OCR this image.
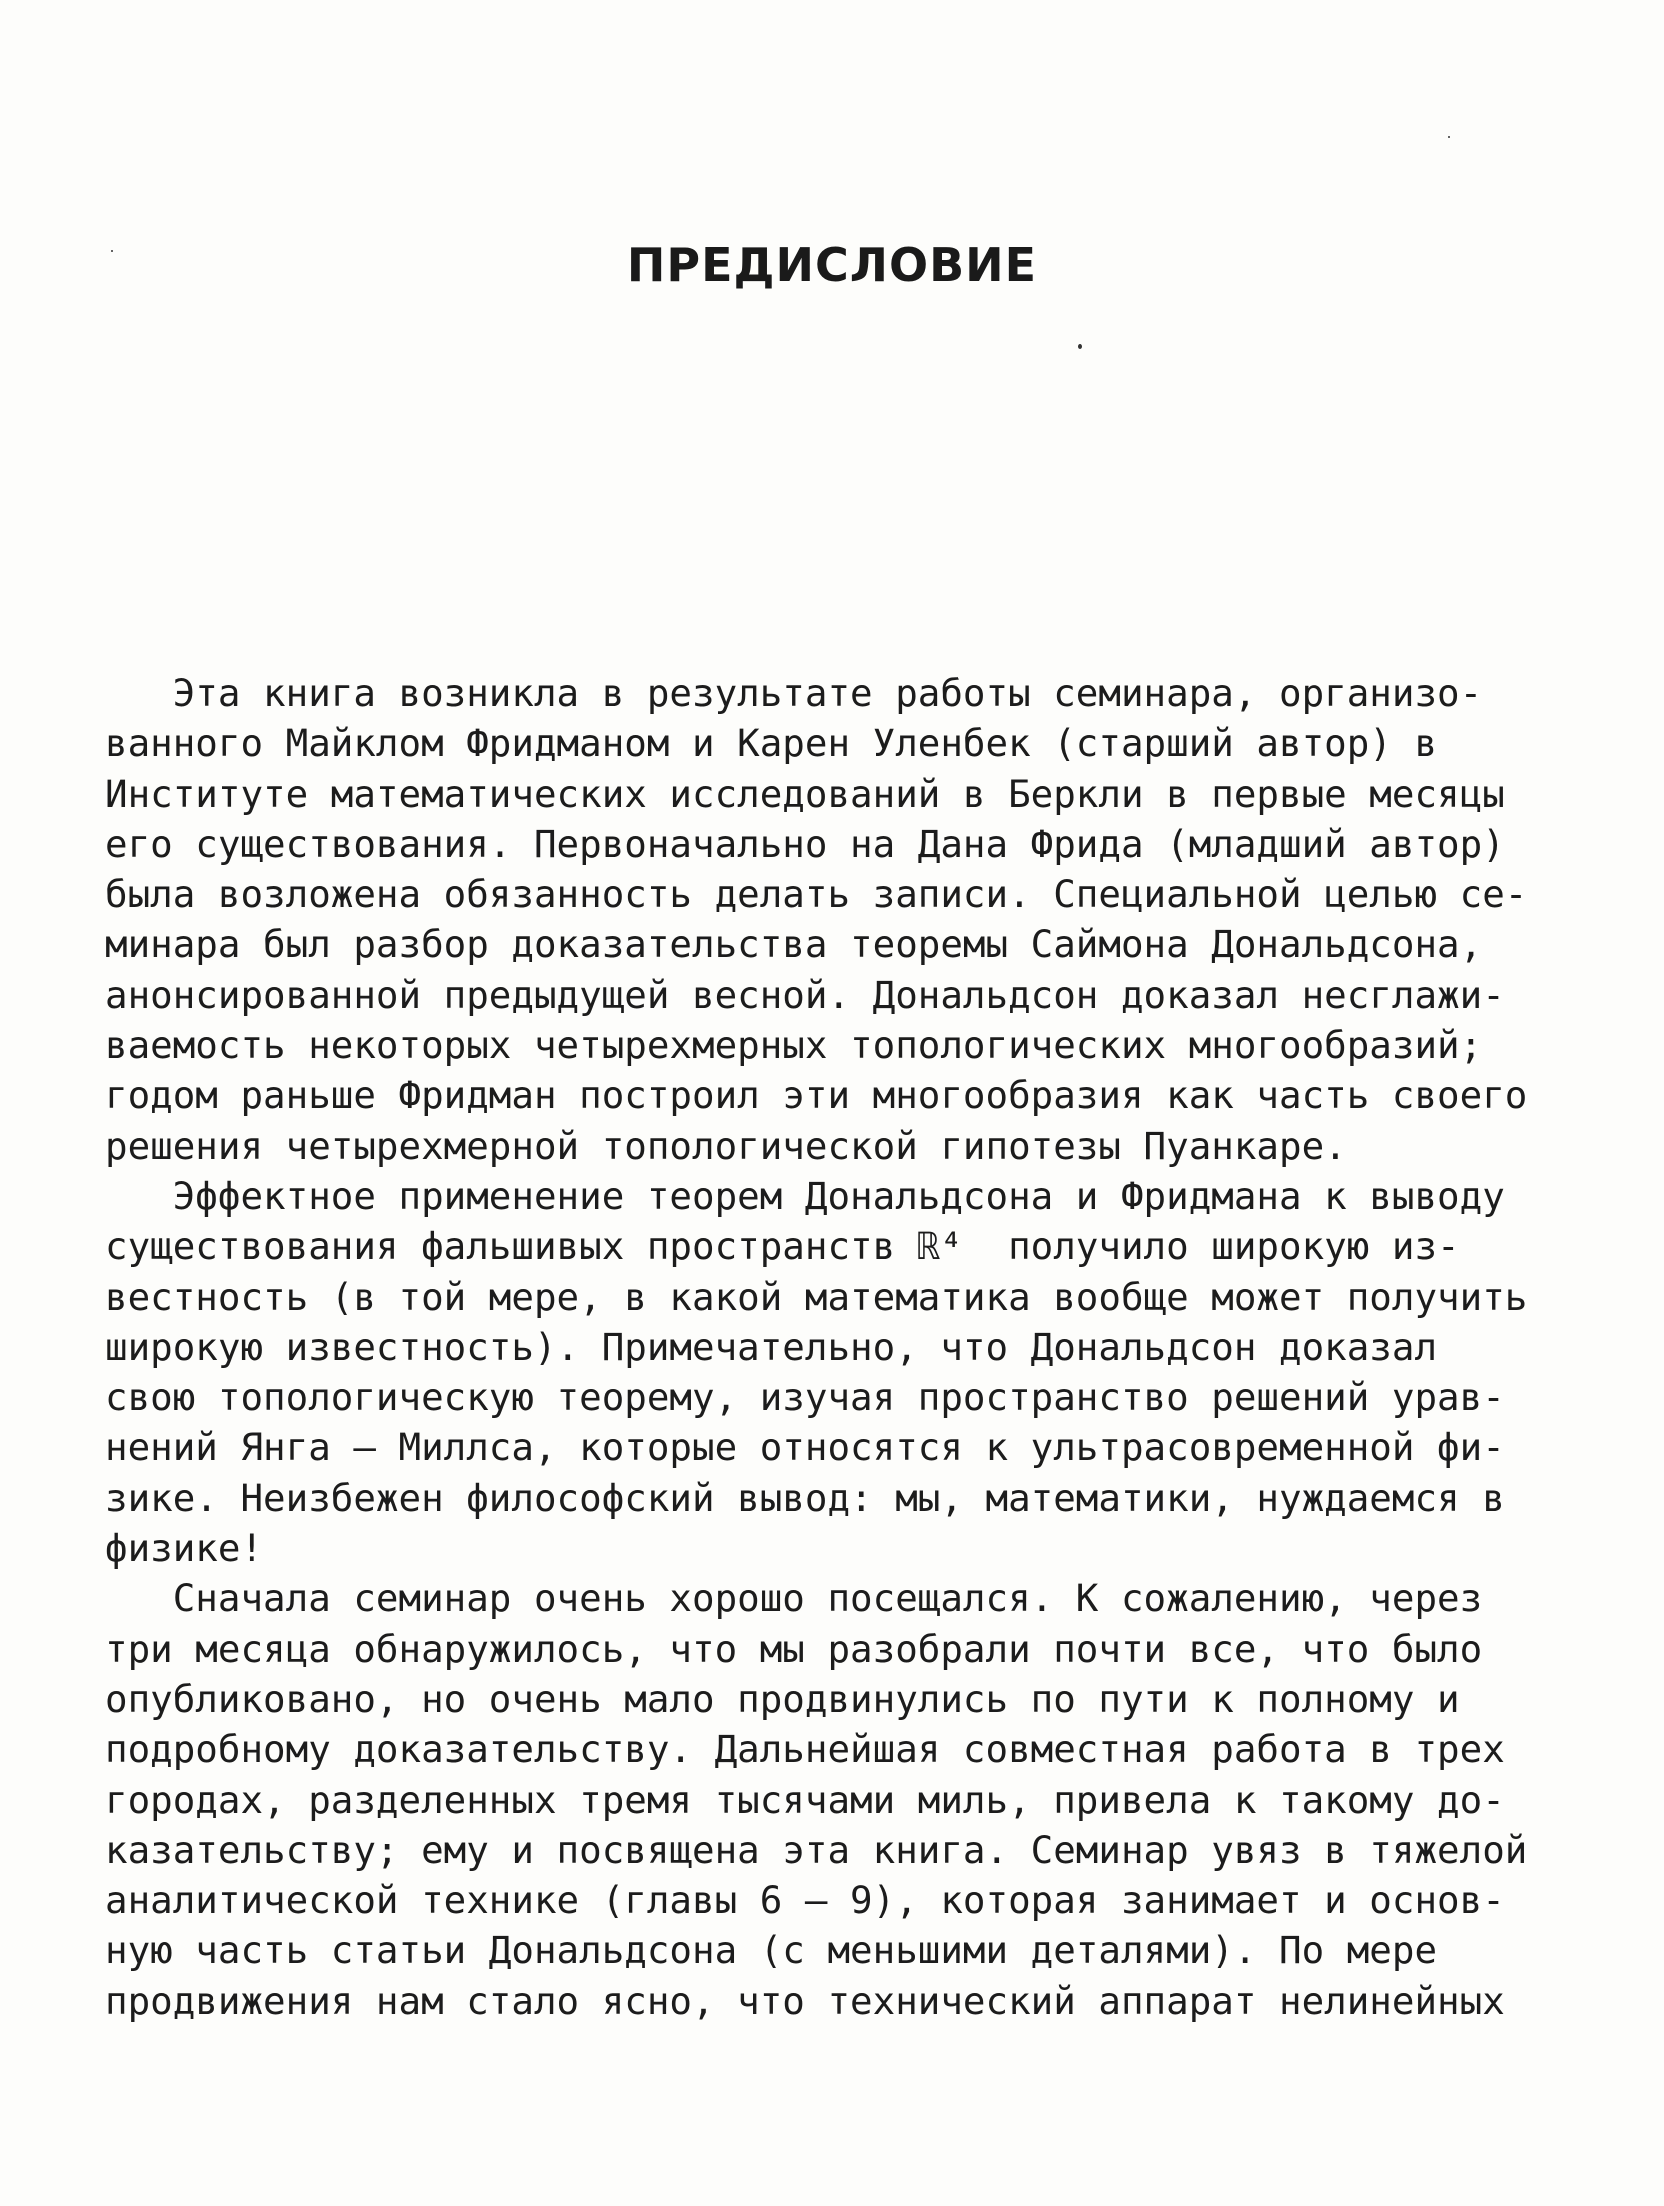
ПРЕДИСЛОВИЕ
Эта книга возникла в результате работы семинара, организо-
ванного Майклом Фридманом и Карен Уленбек (старший автор) в
Институте математических исследований в Беркли в первые месяцы
его существования. Первоначально на Дана Фрида (младший автор)
была возложена обязанность делать записи. Специальной целью се-
минара был разбор доказательства теоремы Саймона Дональдсона,
анонсированной предыдущей весной. Дональдсон доказал несглажи-
ваемость некоторых четырехмерных топологических многообразий;
годом раньше Фридман построил эти многообразия как часть своего
решения четырехмерной топологической гипотезы Пуанкаре.
Эффектное применение теорем Дональдсона и Фридмана к выводу
существования фальшивых пространств ℝ⁴  получило широкую из-
вестность (в той мере, в какой математика вообще может получить
широкую известность). Примечательно, что Дональдсон доказал
свою топологическую теорему, изучая пространство решений урав-
нений Янга – Миллса, которые относятся к ультрасовременной фи-
зике. Неизбежен философский вывод: мы, математики, нуждаемся в
физике!
Сначала семинар очень хорошо посещался. К сожалению, через
три месяца обнаружилось, что мы разобрали почти все, что было
опубликовано, но очень мало продвинулись по пути к полному и
подробному доказательству. Дальнейшая совместная работа в трех
городах, разделенных тремя тысячами миль, привела к такому до-
казательству; ему и посвящена эта книга. Семинар увяз в тяжелой
аналитической технике (главы 6 – 9), которая занимает и основ-
ную часть статьи Дональдсона (с меньшими деталями). По мере
продвижения нам стало ясно, что технический аппарат нелинейных
